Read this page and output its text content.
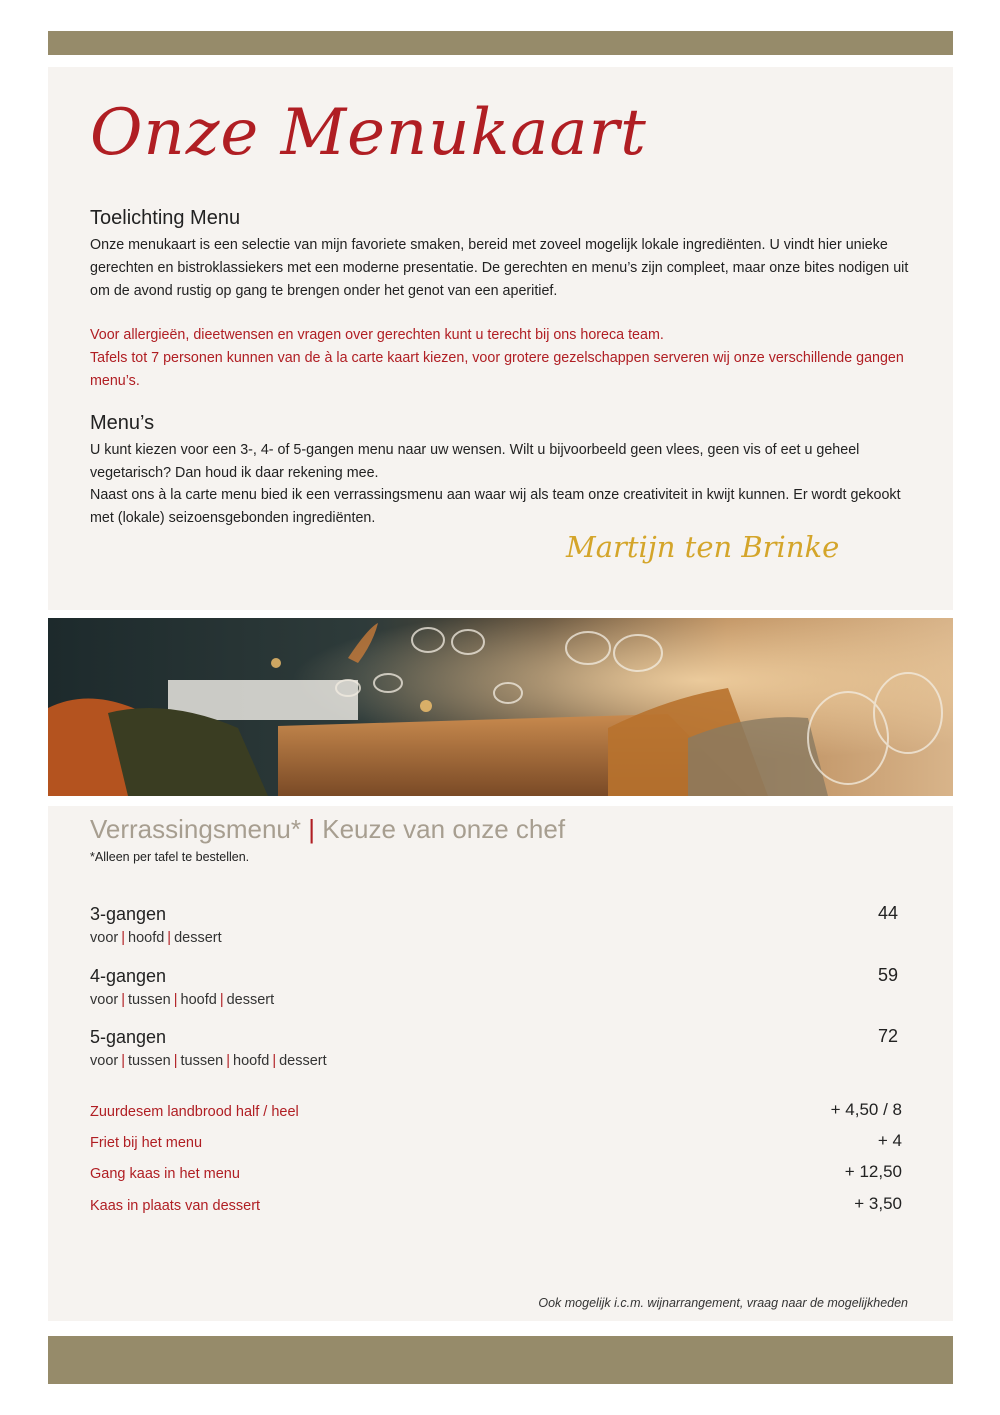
Onze Menukaart
Toelichting Menu

Onze menukaart is een selectie van mijn favoriete smaken, bereid met zoveel mogelijk lokale ingrediënten. U vindt hier unieke gerechten en bistroklassiekers met een moderne presentatie. De gerechten en menu’s zijn compleet, maar onze bites nodigen uit om de avond rustig op gang te brengen onder het genot van een aperitief.

Voor allergieën, dieetwensen en vragen over gerechten kunt u terecht bij ons horeca team.

Tafels tot 7 personen kunnen van de à la carte kaart kiezen, voor grotere gezelschappen serveren wij onze verschillende gangen menu’s.

Menu’s

U kunt kiezen voor een 3-, 4- of 5-gangen menu naar uw wensen. Wilt u bijvoorbeeld geen vlees, geen vis of eet u geheel vegetarisch? Dan houd ik daar rekening mee.

Naast ons à la carte menu bied ik een verrassingsmenu aan waar wij als team onze creativiteit in kwijt kunnen. Er wordt gekookt met (lokale) seizoensgebonden ingrediënten.

Martijn ten Brinke
Verrassingsmenu* | Keuze van onze chef
*Alleen per tafel te bestellen.
3-gangen	44
voor | hoofd | dessert
4-gangen	59
voor | tussen | hoofd | dessert
5-gangen	72
voor | tussen | tussen | hoofd | dessert
Zuurdesem landbrood half / heel	+ 4,50 / 8
Friet bij het menu	+ 4
Gang kaas in het menu	+ 12,50
Kaas in plaats van dessert	+ 3,50
Ook mogelijk i.c.m. wijnarrangement, vraag naar de mogelijkheden
